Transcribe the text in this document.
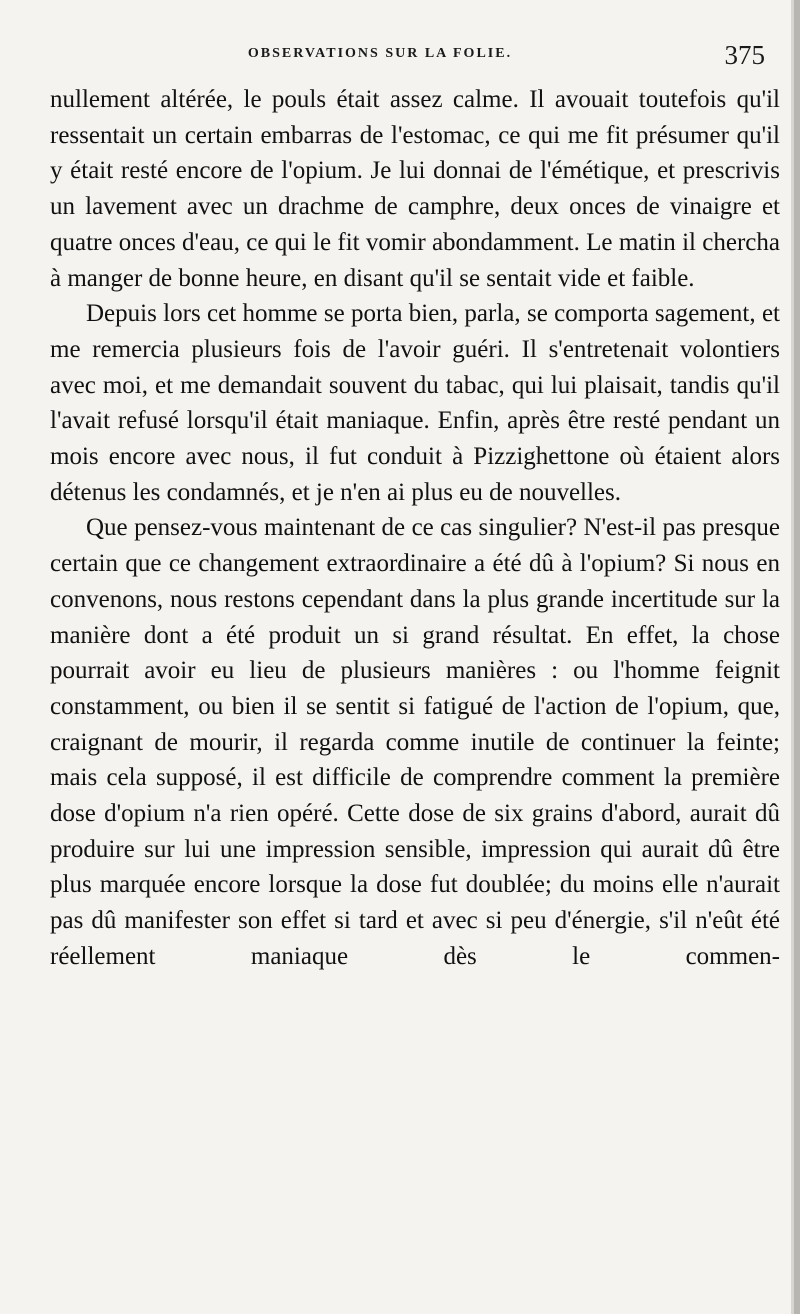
OBSERVATIONS SUR LA FOLIE.	375

nullement altérée, le pouls était assez calme. Il avouait toutefois qu'il ressentait un certain embarras de l'estomac, ce qui me fit présumer qu'il y était resté encore de l'opium. Je lui donnai de l'émétique, et prescrivis un lavement avec un drachme de camphre, deux onces de vinaigre et quatre onces d'eau, ce qui le fit vomir abondamment. Le matin il chercha à manger de bonne heure, en disant qu'il se sentait vide et faible.

Depuis lors cet homme se porta bien, parla, se comporta sagement, et me remercia plusieurs fois de l'avoir guéri. Il s'entretenait volontiers avec moi, et me demandait souvent du tabac, qui lui plaisait, tandis qu'il l'avait refusé lorsqu'il était maniaque. Enfin, après être resté pendant un mois encore avec nous, il fut conduit à Pizzighettone où étaient alors détenus les condamnés, et je n'en ai plus eu de nouvelles.

Que pensez-vous maintenant de ce cas singulier? N'est-il pas presque certain que ce changement extraordinaire a été dû à l'opium? Si nous en convenons, nous restons cependant dans la plus grande incertitude sur la manière dont a été produit un si grand résultat. En effet, la chose pourrait avoir eu lieu de plusieurs manières : ou l'homme feignit constamment, ou bien il se sentit si fatigué de l'action de l'opium, que, craignant de mourir, il regarda comme inutile de continuer la feinte; mais cela supposé, il est difficile de comprendre comment la première dose d'opium n'a rien opéré. Cette dose de six grains d'abord, aurait dû produire sur lui une impression sensible, impression qui aurait dû être plus marquée encore lorsque la dose fut doublée; du moins elle n'aurait pas dû manifester son effet si tard et avec si peu d'énergie, s'il n'eût été réellement maniaque dès le commen-
